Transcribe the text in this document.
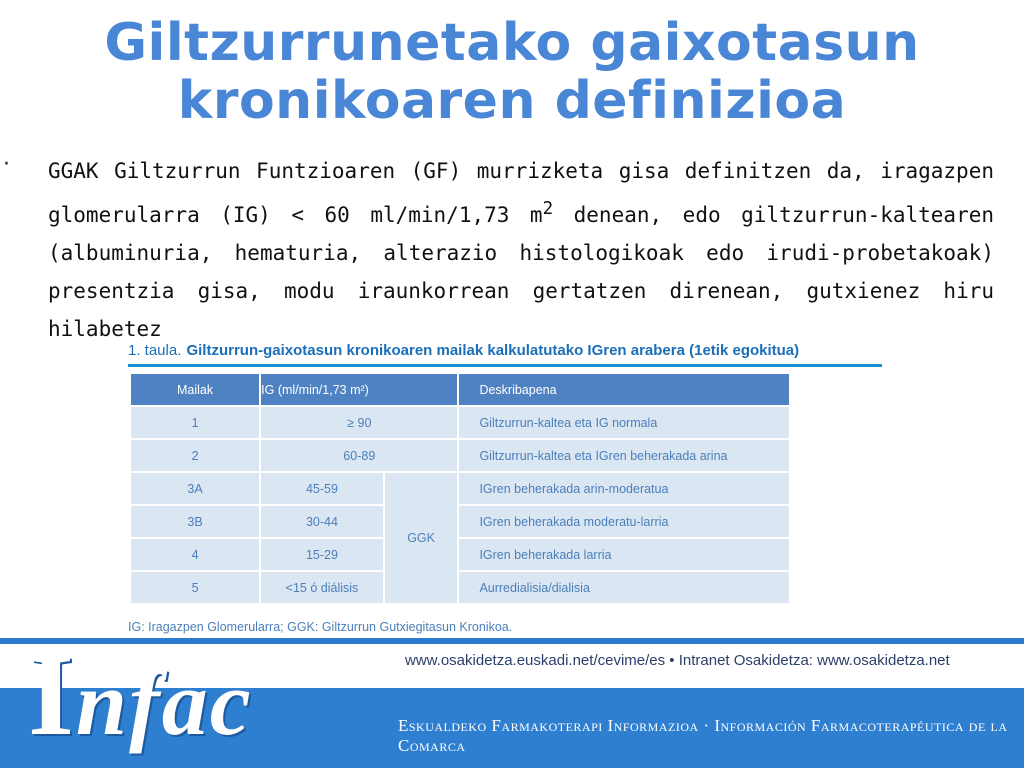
Giltzurrunetako gaixotasun
kronikoaren definizioa
· GGAK Giltzurrun Funtzioaren (GF) murrizketa gisa definitzen da, iragazpen glomerularra (IG) < 60 ml/min/1,73 $m^2$ denean, edo giltzurrun-kaltearen (albuminuria, hematuria, alterazio histologikoak edo irudi-probetakoak) presentzia gisa, modu iraunkorrean gertatzen direnean, gutxienez hiru hilabetez
1. taula. Giltzurrun-gaixotasun kronikoaren mailak kalkulatutako IGren arabera (1etik egokitua)
Mailak	IG (ml/min/1,73 m²)		Deskribapena
1	≥ 90		Giltzurrun-kaltea eta IG normala
2	60-89		Giltzurrun-kaltea eta IGren beherakada arina
3A	45-59	GGK	IGren beherakada arin-moderatua
3B	30-44		IGren beherakada moderatu-larria
4	15-29		IGren beherakada larria
5	<15 ó diálisis		Aurredialisia/dialisia
IG: Iragazpen Glomerularra; GGK: Giltzurrun Gutxiegitasun Kronikoa.
www.osakidetza.euskadi.net/cevime/es • Intranet Osakidetza: www.osakidetza.net
Eskualdeko Farmakoterapi Informazioa · Información Farmacoterapéutica de la Comarca
Infac
